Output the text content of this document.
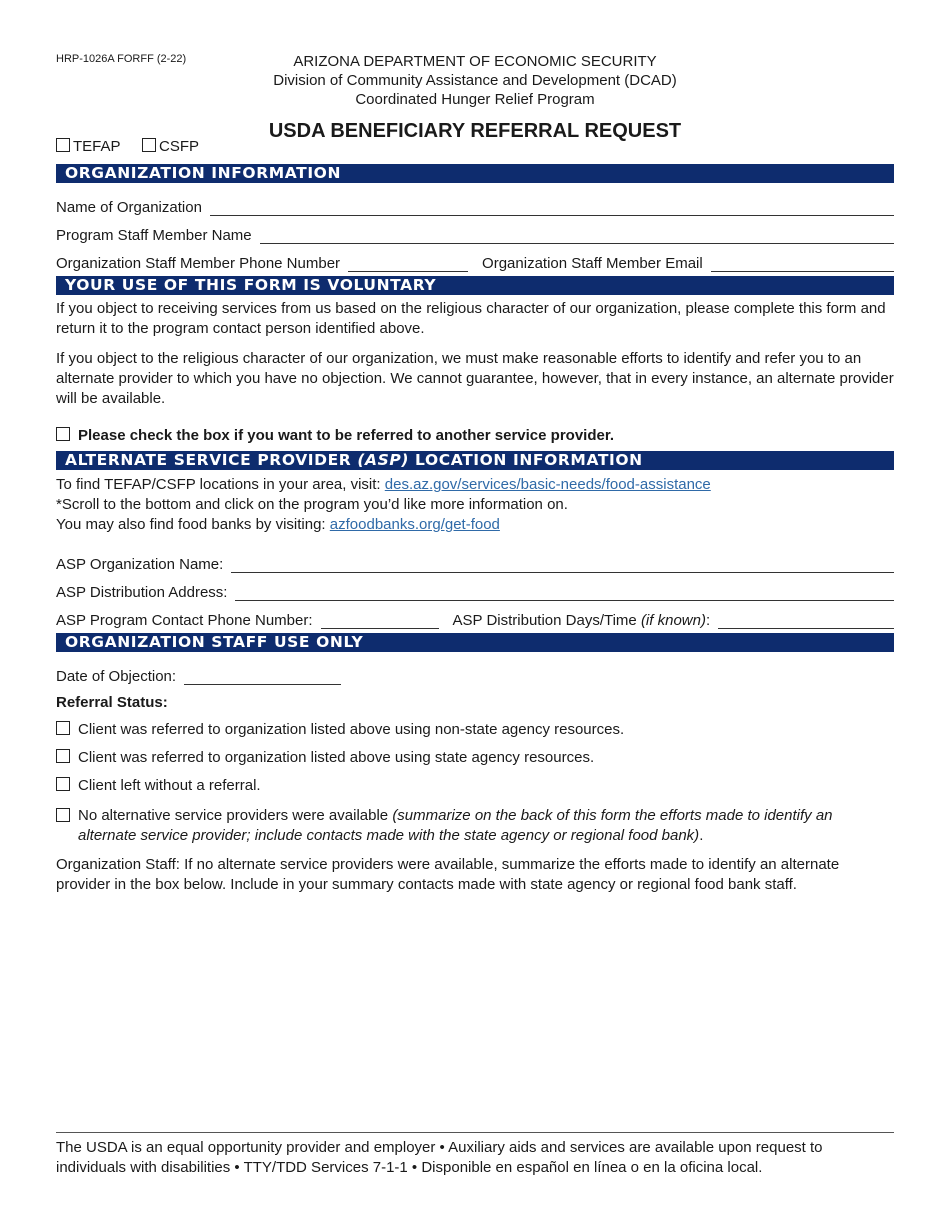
HRP-1026A FORFF (2-22)	ARIZONA DEPARTMENT OF ECONOMIC SECURITY
Division of Community Assistance and Development (DCAD)
Coordinated Hunger Relief Program
USDA BENEFICIARY REFERRAL REQUEST
TEFAP	CSFP
ORGANIZATION INFORMATION
Name of Organization
Program Staff Member Name
Organization Staff Member Phone Number	Organization Staff Member Email
YOUR USE OF THIS FORM IS VOLUNTARY
If you object to receiving services from us based on the religious character of our organization, please complete this form and return it to the program contact person identified above.
If you object to the religious character of our organization, we must make reasonable efforts to identify and refer you to an alternate provider to which you have no objection. We cannot guarantee, however, that in every instance, an alternate provider will be available.
Please check the box if you want to be referred to another service provider.
ALTERNATE SERVICE PROVIDER (ASP) LOCATION INFORMATION

To find TEFAP/CSFP locations in your area, visit: des.az.gov/services/basic-needs/food-assistance

*Scroll to the bottom and click on the program you’d like more information on.

You may also find food banks by visiting: azfoodbanks.org/get-food

ASP Organization Name:
ASP Distribution Address:
ASP Program Contact Phone Number:	ASP Distribution Days/Time (if known):
ORGANIZATION STAFF USE ONLY
Date of Objection:
Referral Status:
Client was referred to organization listed above using non-state agency resources.
Client was referred to organization listed above using state agency resources.
Client left without a referral.
No alternative service providers were available (summarize on the back of this form the efforts made to identify an alternate service provider; include contacts made with the state agency or regional food bank).
Organization Staff: If no alternate service providers were available, summarize the efforts made to identify an alternate provider in the box below. Include in your summary contacts made with state agency or regional food bank staff.
The USDA is an equal opportunity provider and employer • Auxiliary aids and services are available upon request to individuals with disabilities • TTY/TDD Services 7-1-1 • Disponible en español en línea o en la oficina local.
